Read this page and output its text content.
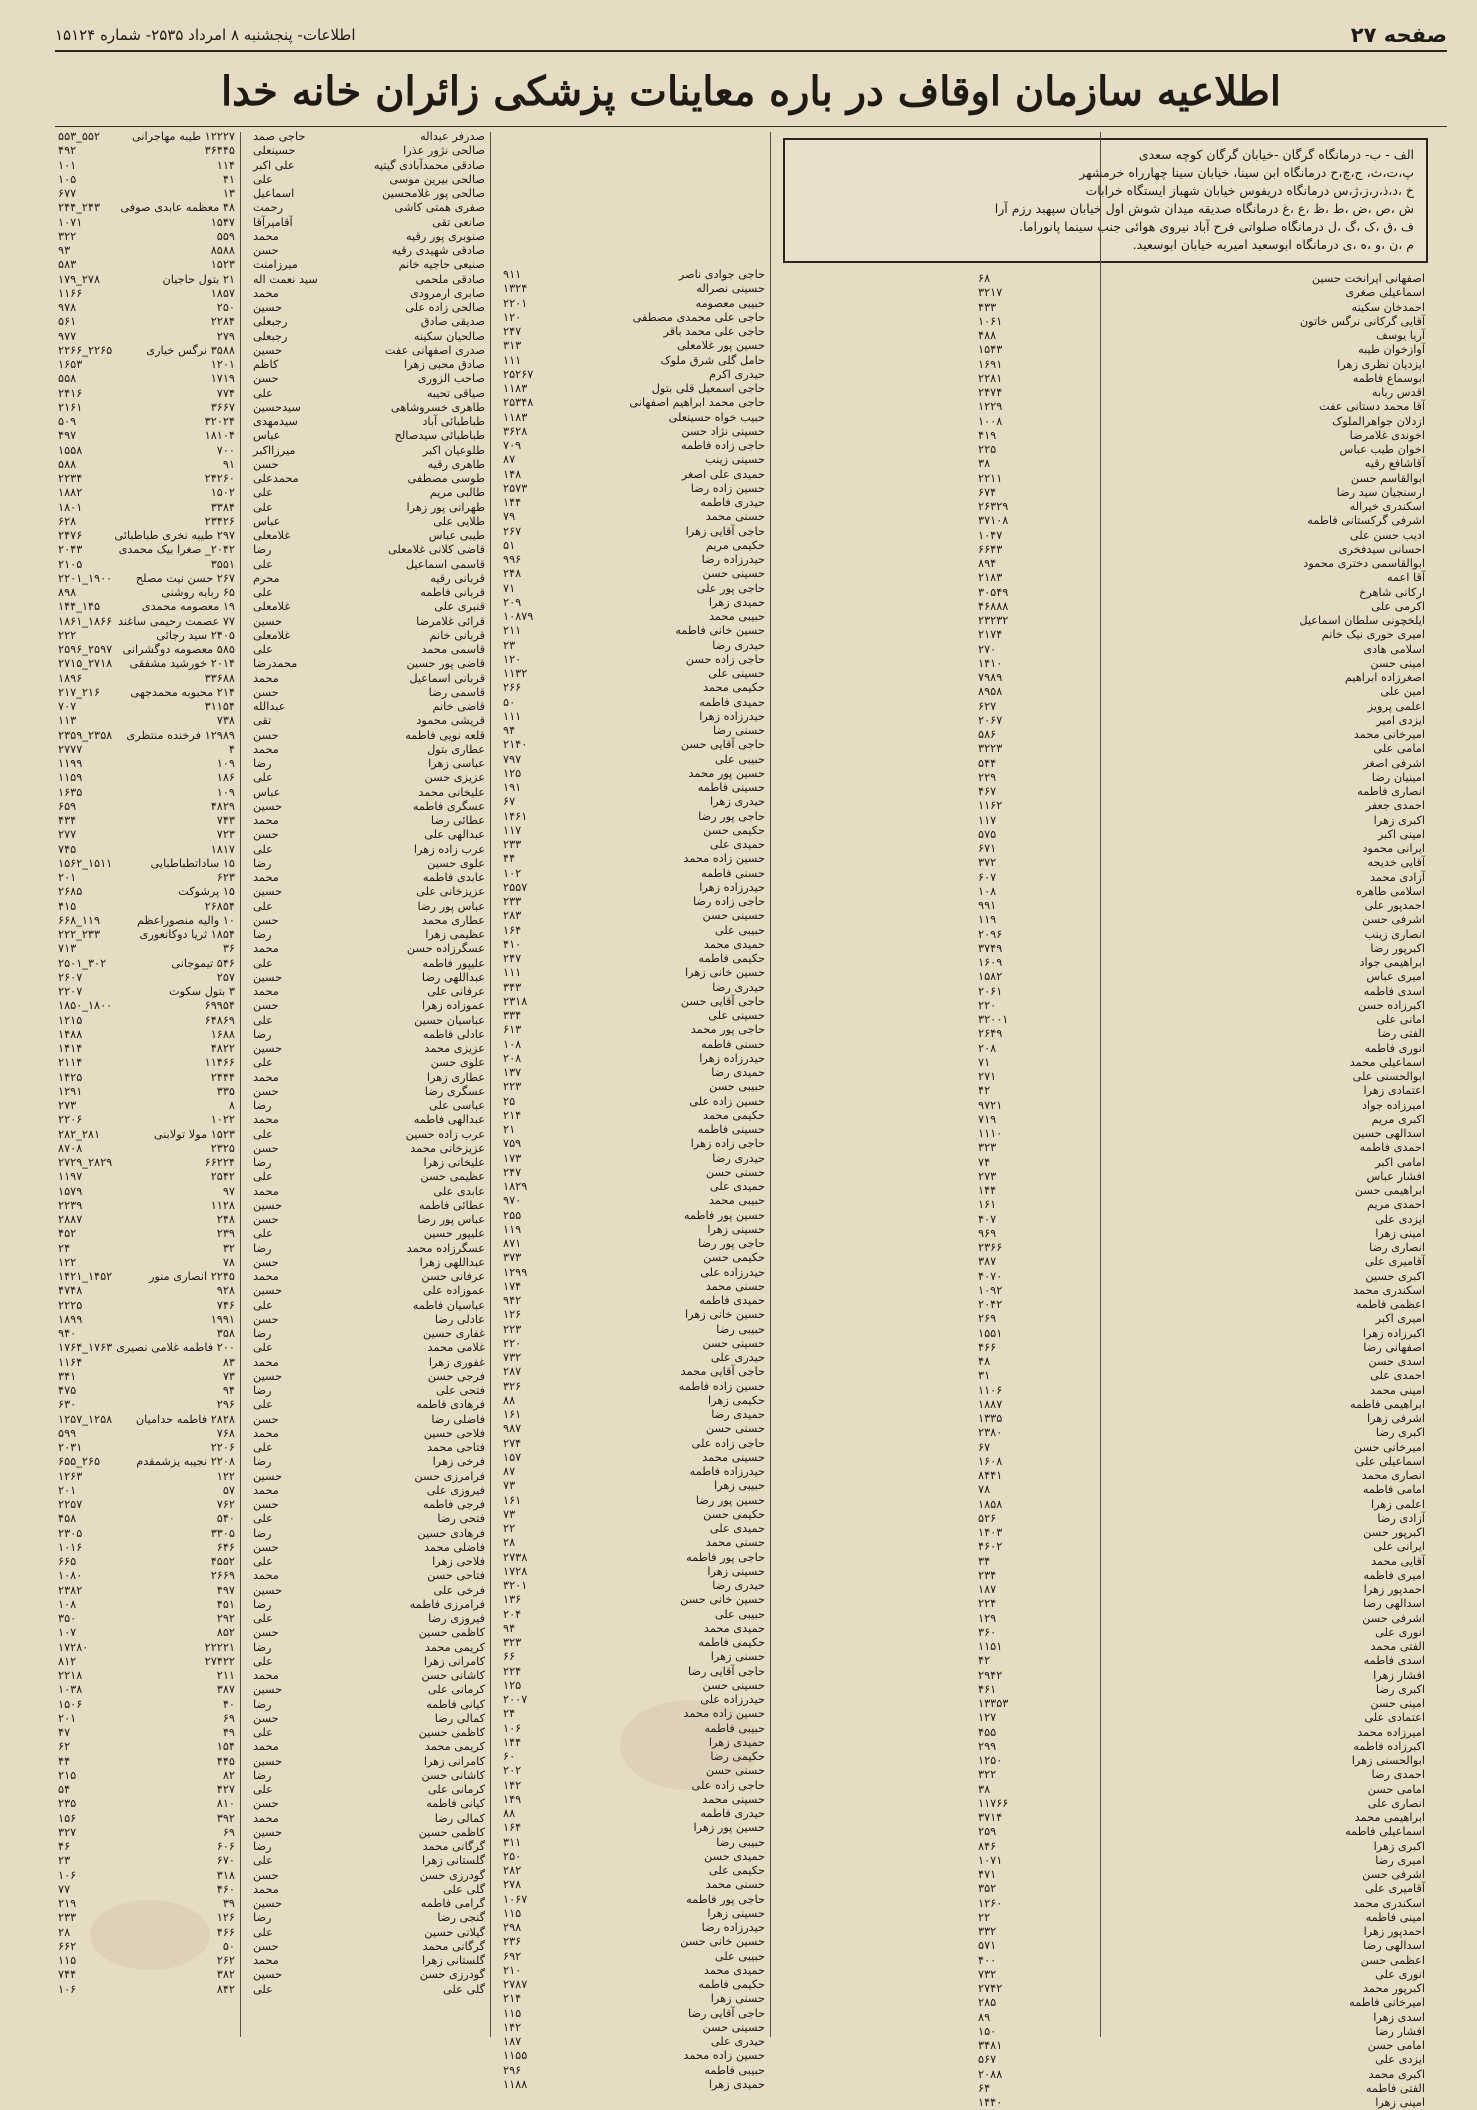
صفحه ۲۷
اطلاعات- پنجشنبه ۸ امرداد ۲۵۳۵- شماره ۱۵۱۲۴
اطلاعیه سازمان اوقاف در باره معاینات پزشکی زائران خانه خدا
الف - ب- درمانگاه گرگان -خیابان گرگان کوچه سعدی
پ،ت،ث، ج،چ،ح درمانگاه ابن سینا، خیابان سینا چهارراه خرمشهر
خ ،د،ذ،ر،ز،ژ،س درمانگاه دریفوس خیابان شهباز ایستگاه خرابات
ش ،ص ،ض ،ط ،ظ ،ع ،غ درمانگاه صدیقه میدان شوش اول خیابان سپهبد رزم آرا
ف ،ق ،ک ،گ ،ل درمانگاه صلواتی فرح آباد نیروی هوائی جنب سینما پانوراما.
م ،ن ،و ،ه ،ی درمانگاه ابوسعید امیریه خیابان ابوسعید.
اصفهانی ایرانخت حسین
۶۸
اسماعیلی صغری
۳۲۱۷
احمدخان سکینه
۴۳۳
آقایی گرکانی نرگس خاتون
۱۰۶۱
آریا یوسف
۴۸۸
آوازخوان طیبه
۱۵۴۳
ایزدیان نظری زهرا
۱۶۹۱
ابوسماع فاطمه
۲۲۸۱
اقدس ربابه
۲۴۷۴
آقا محمد دستانی عفت
۱۲۲۹
ازدلان جواهرالملوک
۱۰۰۸
اخوندی غلامرضا
۴۱۹
اخوان طیب عباس
۲۲۵
آقاشافع رقیه
۳۸
ابوالقاسم حسن
۲۲۱۱
ارسنجیان سید رضا
۶۷۴
اسکندری خیراله
۲۶۳۲۹
اشرفی گرکستانی فاطمه
۳۷۱۰۸
ادیب حسن علی
۱۰۴۷
احسانی سیدفخری
۶۶۴۳
ابوالقاسمی دختری محمود
۸۹۴
آقا اعمه
۲۱۸۳
ارکانی شاهرخ
۳۰۵۴۹
اکرمی علی
۴۶۸۸۸
ایلخچونی سلطان اسماعیل
۲۳۲۳۲
امیری حوری نیک خانم
۲۱۷۴
اسلامی هادی
۲۷۰
امینی حسن
۱۴۱۰
اصغرزاده ابراهیم
۷۹۸۹
امین علی
۸۹۵۸
اعلمی پرویز
۶۲۷
ایزدی امیر
۲۰۶۷
امیرخانی محمد
۵۸۶
امامی علی
۳۲۲۳
اشرفی اصغر
۵۴۴
امینیان رضا
۲۲۹
انصاری فاطمه
۴۶۷
احمدی جعفر
۱۱۶۲
اکبری زهرا
۱۱۷
امینی اکبر
۵۷۵
ایرانی محمود
۶۷۱
آقایی خدیجه
۳۷۲
آزادی محمد
۶۰۷
اسلامی طاهره
۱۰۸
احمدپور علی
۹۹۱
اشرفی حسن
۱۱۹
انصاری زینب
۲۰۹۶
اکبرپور رضا
۳۷۴۹
ابراهیمی جواد
۱۶۰۹
امیری عباس
۱۵۸۲
اسدی فاطمه
۲۰۶۱
اکبرزاده حسن
۲۲۰
امانی علی
۳۲۰۰۱
الفتی رضا
۲۶۴۹
انوری فاطمه
۲۰۸
اسماعیلی محمد
۷۱
ابوالحسنی علی
۲۷۱
اعتمادی زهرا
۴۲
امیرزاده جواد
۹۷۲۱
اکبری مریم
۷۱۹
اسدالهی حسین
۱۱۱۰
احمدی فاطمه
۳۲۳
امامی اکبر
۷۴
افشار عباس
۲۷۳
ابراهیمی حسن
۱۴۴
احمدی مریم
۱۶۱
ایزدی علی
۴۰۷
امینی زهرا
۹۶۹
انصاری رضا
۲۳۶۶
آقامیری علی
۳۸۷
اکبری حسین
۴۰۷۰
اسکندری محمد
۱۰۹۲
اعظمی فاطمه
۲۰۴۲
امیری اکبر
۲۶۹
اکبرزاده زهرا
۱۵۵۱
اصفهانی رضا
۴۶۶
اسدی حسن
۴۸
احمدی علی
۳۱
امینی محمد
۱۱۰۶
ابراهیمی فاطمه
۱۸۸۷
اشرفی زهرا
۱۳۳۵
اکبری رضا
۲۳۸۰
امیرخانی حسن
۶۷
اسماعیلی علی
۱۶۰۸
انصاری محمد
۸۴۴۱
امامی فاطمه
۷۸
اعلمی زهرا
۱۸۵۸
آزادی رضا
۵۲۶
اکبرپور حسن
۱۴۰۳
ایرانی علی
۴۶۰۲
آقایی محمد
۳۴
امیری فاطمه
۲۳۴
احمدپور زهرا
۱۸۷
اسدالهی رضا
۲۲۴
اشرفی حسن
۱۲۹
انوری علی
۳۶۰
الفتی محمد
۱۱۵۱
اسدی فاطمه
۴۲
افشار زهرا
۲۹۴۲
اکبری رضا
۴۶۱
امینی حسن
۱۳۳۵۳
اعتمادی علی
۱۲۷
امیرزاده محمد
۴۵۵
اکبرزاده فاطمه
۲۹۹
ابوالحسنی زهرا
۱۲۵۰
احمدی رضا
۳۲۲
امامی حسن
۳۸
انصاری علی
۱۱۷۶۶
ابراهیمی محمد
۳۷۱۴
اسماعیلی فاطمه
۲۵۹
اکبری زهرا
۸۴۶
امیری رضا
۱۰۷۱
اشرفی حسن
۴۷۱
آقامیری علی
۳۵۲
اسکندری محمد
۱۲۶۰
امینی فاطمه
۲۲
احمدپور زهرا
۳۳۲
اسدالهی رضا
۵۷۱
اعظمی حسن
۴۰۰
انوری علی
۷۳۲
اکبرپور محمد
۲۷۴۲
امیرخانی فاطمه
۲۸۵
اسدی زهرا
۸۹
افشار رضا
۱۵۰
امامی حسن
۳۴۸۱
ایزدی علی
۵۶۷
اکبری محمد
۲۰۸۸
الفتی فاطمه
۶۴
امینی زهرا
۱۴۴۰
حاجی جوادی ناصر
۹۱۱
حسینی نصراله
۱۳۲۴
حبیبی معصومه
۲۲۰۱
حاجی علی محمدی مصطفی
۱۲۰
حاجی علی محمد باقر
۲۴۷
حسین پور غلامعلی
۳۱۳
حامل گلی شرق ملوک
۱۱۱
حیدری اکرم
۲۵۲۶۷
حاجی اسمعیل قلی بتول
۱۱۸۳
حاجی محمد ابراهیم اصفهانی
۲۵۳۴۸
حبیب خواه حسینعلی
۱۱۸۳
حسینی نژاد حسن
۳۶۲۸
حاجی زاده فاطمه
۷۰۹
حسینی زینب
۸۷
حمیدی علی اصغر
۱۴۸
حسین زاده رضا
۲۵۷۳
حیدری فاطمه
۱۴۴
حسنی محمد
۷۹
حاجی آقایی زهرا
۲۶۷
حکیمی مریم
۵۱
حیدرزاده رضا
۹۹۶
حسینی حسن
۲۴۸
حاجی پور علی
۷۱
حمیدی زهرا
۲۰۹
حبیبی محمد
۱۰۸۷۹
حسین خانی فاطمه
۲۱۱
حیدری رضا
۲۳
حاجی زاده حسن
۱۲۰
حسینی علی
۱۱۳۲
حکیمی محمد
۲۶۶
حمیدی فاطمه
۵۰
حیدرزاده زهرا
۱۱۱
حسنی رضا
۹۴
حاجی آقایی حسن
۲۱۴۰
حبیبی علی
۷۹۷
حسین پور محمد
۱۲۵
حسینی فاطمه
۱۹۱
حیدری زهرا
۶۷
حاجی پور رضا
۱۴۶۱
حکیمی حسن
۱۱۷
حمیدی علی
۲۳۳
حسین زاده محمد
۴۴
حسنی فاطمه
۱۰۲
حیدرزاده زهرا
۲۵۵۷
حاجی زاده رضا
۲۳۳
حسینی حسن
۲۸۳
حبیبی علی
۱۶۴
حمیدی محمد
۴۱۰
حکیمی فاطمه
۲۴۷
حسین خانی زهرا
۱۱۱
حیدری رضا
۳۴۳
حاجی آقایی حسن
۲۳۱۸
حسینی علی
۳۳۴
حاجی پور محمد
۶۱۳
حسنی فاطمه
۱۰۸
حیدرزاده زهرا
۲۰۸
حمیدی رضا
۱۳۷
حبیبی حسن
۲۲۳
حسین زاده علی
۲۵
حکیمی محمد
۲۱۴
حسینی فاطمه
۲۱
حاجی زاده زهرا
۷۵۹
حیدری رضا
۱۷۳
حسنی حسن
۲۴۷
حمیدی علی
۱۸۲۹
حبیبی محمد
۹۷۰
حسین پور فاطمه
۲۵۵
حسینی زهرا
۱۱۹
حاجی پور رضا
۸۷۱
حکیمی حسن
۳۷۳
حیدرزاده علی
۱۲۹۹
حسنی محمد
۱۷۴
حمیدی فاطمه
۹۴۲
حسین خانی زهرا
۱۲۶
حبیبی رضا
۲۲۳
حسینی حسن
۲۲۰
حیدری علی
۷۳۲
حاجی آقایی محمد
۲۸۷
حسین زاده فاطمه
۳۲۶
حکیمی زهرا
۸۸
حمیدی رضا
۱۶۱
حسنی حسن
۹۸۷
حاجی زاده علی
۲۷۴
حسینی محمد
۱۵۷
حیدرزاده فاطمه
۸۷
حبیبی زهرا
۷۳
حسین پور رضا
۱۶۱
حکیمی حسن
۷۳
حمیدی علی
۲۲
حسنی محمد
۲۸
حاجی پور فاطمه
۲۷۳۸
حسینی زهرا
۱۷۲۸
حیدری رضا
۳۲۰۱
حسین خانی حسن
۱۳۶
حبیبی علی
۲۰۴
حمیدی محمد
۹۴
حکیمی فاطمه
۳۲۳
حسنی زهرا
۶۶
حاجی آقایی رضا
۲۲۴
حسینی حسن
۱۲۵
حیدرزاده علی
۲۰۰۷
حسین زاده محمد
۲۴
حبیبی فاطمه
۱۰۶
حمیدی زهرا
۱۴۴
حکیمی رضا
۶۰
حسنی حسن
۲۰۲
حاجی زاده علی
۱۴۲
حسینی محمد
۱۴۹
حیدری فاطمه
۸۸
حسین پور زهرا
۱۶۴
حبیبی رضا
۳۱۱
حمیدی حسن
۲۵۰
حکیمی علی
۲۸۲
حسنی محمد
۲۷۸
حاجی پور فاطمه
۱۰۶۷
حسینی زهرا
۱۱۵
حیدرزاده رضا
۲۹۸
حسین خانی حسن
۲۳۶
حبیبی علی
۶۹۲
حمیدی محمد
۲۱۰
حکیمی فاطمه
۲۷۸۷
حسنی زهرا
۲۱۴
حاجی آقایی رضا
۱۱۵
حسینی حسن
۱۴۲
حیدری علی
۱۸۷
حسین زاده محمد
۱۱۵۵
حبیبی فاطمه
۲۹۶
حمیدی زهرا
۱۱۸۸
صدرفر عبداله
حاجی صمد
صالحی نژور عذرا
حسینعلی
صادقی محمدآبادی گیتیه
علی اکبر
صالحی بیرین موسی
علی
صالحی پور غلامحسین
اسماعیل
صفری همتی کاشی
رحمت
صانعی تقی
آقامیرآقا
صنوبری پور رقیه
محمد
صادقی شهیدی رقیه
حسن
صنیعی حاجیه خانم
میرزامنت
صادقی ملحمی
سید نعمت اله
صابری ارمرودی
محمد
صالحی زاده علی
حسین
صدیقی صادق
رجبعلی
صالحیان سکینه
رجبعلی
صدری اصفهانی عفت
حسین
صادق محبی زهرا
کاظم
صاحب الزوری
حسن
صیاقی تحیبه
علی
طاهری خسروشاهی
سیدحسین
طباطبائی آباد
سیدمهدی
طباطبائی سیدصالح
عباس
طلوعیان اکبر
میرزااکبر
طاهری رقیه
حسن
طوسی مصطفی
محمدعلی
طالبی مریم
علی
طهرانی پور زهرا
علی
طلایی علی
عباس
طیبی عباس
غلامعلی
قاضی کلانی غلامعلی
رضا
قاسمی اسماعیل
علی
قربانی رقیه
محرم
قربانی فاطمه
علی
قنبری علی
غلامعلی
قرائی غلامرضا
حسین
قربانی خانم
غلامعلی
قاسمی محمد
علی
قاضی پور حسین
محمدرضا
قربانی اسماعیل
محمد
قاسمی رضا
حسن
قاضی خانم
عبدالله
قریشی محمود
تقی
قلعه نویی فاطمه
حسن
عطاری بتول
محمد
عباسی زهرا
رضا
عزیزی حسن
علی
علیخانی محمد
عباس
عسگری فاطمه
حسین
عطائی رضا
محمد
عبدالهی علی
حسن
عرب زاده زهرا
علی
علوی حسین
رضا
عابدی فاطمه
محمد
عزیزخانی علی
حسین
عباس پور رضا
علی
عطاری محمد
حسن
عظیمی زهرا
رضا
عسگرزاده حسن
محمد
علیپور فاطمه
علی
عبداللهی رضا
حسین
عرفانی علی
محمد
عموزاده زهرا
حسن
عباسیان حسین
علی
عادلی فاطمه
رضا
عزیزی محمد
حسین
علوی حسن
علی
عطاری زهرا
محمد
عسگری رضا
حسن
عباسی علی
رضا
عبدالهی فاطمه
محمد
عرب زاده حسین
علی
عزیزخانی محمد
حسن
علیخانی زهرا
رضا
عظیمی حسن
علی
عابدی علی
محمد
عطائی فاطمه
حسین
عباس پور رضا
حسن
علیپور حسین
علی
عسگرزاده محمد
رضا
عبداللهی زهرا
حسن
عرفانی حسن
محمد
عموزاده علی
حسین
عباسیان فاطمه
علی
عادلی رضا
حسن
غفاری حسین
رضا
غلامی محمد
علی
غفوری زهرا
محمد
فرجی حسن
حسین
فتحی علی
رضا
فرهادی فاطمه
علی
فاضلی رضا
حسن
فلاحی حسین
محمد
فتاحی محمد
علی
فرخی زهرا
رضا
فرامرزی حسن
حسین
فیروزی علی
محمد
فرجی فاطمه
حسن
فتحی رضا
علی
فرهادی حسین
رضا
فاضلی محمد
حسن
فلاحی زهرا
علی
فتاحی حسن
محمد
فرخی علی
حسین
فرامرزی فاطمه
رضا
فیروزی رضا
علی
کاظمی حسین
حسن
کریمی محمد
رضا
کامرانی زهرا
علی
کاشانی حسن
محمد
کرمانی علی
حسین
کیانی فاطمه
رضا
کمالی رضا
حسن
کاظمی حسین
علی
کریمی محمد
محمد
کامرانی زهرا
حسین
کاشانی حسن
رضا
کرمانی علی
علی
کیانی فاطمه
حسن
کمالی رضا
محمد
کاظمی حسین
حسین
گرگانی محمد
رضا
گلستانی زهرا
علی
گودرزی حسن
حسن
گلی علی
محمد
گرامی فاطمه
حسین
گنجی رضا
رضا
گیلانی حسین
علی
گرگانی محمد
حسن
گلستانی زهرا
محمد
گودرزی حسن
حسین
گلی علی
علی
۱۲۲۲۷ طیبه مهاجرانی
۵۵۲_۵۵۳
۳۶۴۴۵
۴۹۲
۱۱۴
۱۰۱
۴۱
۱۰۵
۱۳
۶۷۷
۴۸ معظمه عابدی صوفی
۲۴۳_۲۴۴
۱۵۴۷
۱۰۷۱
۵۵۹
۳۲۲
۸۵۸۸
۹۳
۱۵۲۳
۵۸۳
۲۱ بتول حاجیان
۲۷۸_۱۷۹
۱۸۵۷
۱۱۶۶
۲۵۰
۹۷۸
۲۲۸۴
۵۶۱
۲۷۹
۹۷۷
۳۵۸۸ نرگس خیاری
۲۲۶۵_۲۲۶۶
۱۲۰۱
۱۶۵۳
۱۷۱۹
۵۵۸
۷۷۴
۲۴۱۶
۳۶۶۷
۲۱۶۱
۳۲۰۲۴
۵۰۹
۱۸۱۰۴
۴۹۷
۷۰۰
۱۵۵۸
۹۱
۵۸۸
۲۴۲۶۰
۲۲۳۴
۱۵۰۲
۱۸۸۲
۳۳۸۴
۱۸۰۱
۲۳۴۲۶
۶۲۸
۲۹۷ طیبه نخری طباطبائی
۲۴۷۶
۲۰۴۲_ صغرا بیک محمدی
۲۰۴۳
۳۵۵۱
۲۱۰۵
۲۶۷ حسن نیت مصلح
۱۹۰۰_۲۲۰۱
۶۵ ربابه روشنی
۸۹۸
۱۹ معصومه محمدی
۱۴۵_۱۴۴
۷۷ عصمت رحیمی ساغند
۱۸۶۶_۱۸۶۱
۲۴۰۵ سید رجائی
۲۲۲
۵۸۵ معصومه دوگشرانی
۲۵۹۷_۲۵۹۶
۲۰۱۴ خورشید مشفقی
۲۷۱۸_۲۷۱۵
۳۳۶۸۸
۱۸۹۶
۲۱۴ محبوبه محمدجهی
۲۱۶_۲۱۷
۳۱۱۵۴
۷۰۷
۷۳۸
۱۱۳
۱۲۹۸۹ فرخنده منتظری
۲۳۵۸_۲۳۵۹
۴
۲۷۷۷
۱۰۹
۱۱۹۹
۱۸۶
۱۱۵۹
۱۰۹
۱۶۳۵
۴۸۲۹
۶۵۹
۷۴۳
۴۳۴
۷۲۳
۲۷۷
۱۸۱۷
۷۴۵
۱۵ ساداتطباطبایی
۱۵۱۱_۱۵۶۲
۶۲۳
۲۰۱
۱۵ پرشوکت
۲۶۸۵
۲۶۸۵۴
۴۱۵
۱۰ والیه منصوراعظم
۱۱۹_۶۶۸
۱۸۵۴ ثریا دوکانعوری
۲۳۳_۲۲۲
۳۶
۷۱۳
۵۴۶ تیموجانی
۳۰۲_۲۵۰۱
۲۵۷
۲۶۰۷
۳ بتول سکوت
۲۲۰۷
۶۹۹۵۴
۱۸۰۰_۱۸۵۰
۶۴۸۶۹
۱۲۱۵
۱۶۸۸
۱۴۸۸
۴۸۲۲
۱۴۱۴
۱۱۴۶۶
۲۱۱۴
۲۴۴۴
۱۴۲۵
۳۳۵
۱۲۹۱
۸
۲۷۳
۱۰۲۲
۲۲۰۶
۱۵۲۳ مولا تولابنی
۲۸۱_۲۸۲
۲۳۲۵
۸۷۰۸
۶۶۲۲۴
۲۸۲۹_۲۷۲۹
۲۵۴۲
۱۱۹۷
۹۷
۱۵۷۹
۱۱۲۸
۲۲۳۹
۲۴۸
۲۸۸۷
۲۳۹
۴۵۲
۳۲
۲۴
۷۸
۱۲۲
۲۲۴۵ انصاری منور
۱۴۵۲_۱۴۲۱
۹۲۸
۴۷۴۸
۷۴۶
۲۲۲۵
۱۹۹۱
۱۸۹۹
۳۵۸
۹۴۰
۲۰۰ فاطمه غلامی نصیری
۱۷۶۳_۱۷۶۴
۸۳
۱۱۶۴
۷۳
۳۴۱
۹۴
۴۷۵
۲۹۶
۶۳۰
۲۸۲۸ فاطمه حدامیان
۱۲۵۸_۱۲۵۷
۷۶۸
۵۹۹
۲۲۰۶
۲۰۳۱
۲۲۰۸ نجیبه یزشمقدم
۲۶۵_۶۵۵
۱۲۲
۱۲۶۳
۵۷
۲۰۱
۷۶۲
۲۲۵۷
۵۴۰
۴۵۸
۳۳۰۵
۲۳۰۵
۶۴۶
۱۰۱۶
۴۵۵۲
۶۶۵
۲۶۶۹
۱۰۸۰
۴۹۷
۲۳۸۲
۴۵۱
۱۰۸
۲۹۲
۳۵۰
۸۵۲
۱۰۷
۲۲۲۲۱
۱۷۲۸۰
۲۷۴۲۲
۸۱۲
۲۱۱
۲۲۱۸
۳۸۷
۱۰۳۸
۴۰
۱۵۰۶
۶۹
۲۰۱
۴۹
۴۷
۱۵۴
۶۲
۴۴۵
۴۴
۸۲
۲۱۵
۴۲۷
۵۴
۸۱۰
۲۳۵
۳۹۲
۱۵۶
۶۹
۳۲۷
۶۰۶
۴۶
۶۷۰
۲۳
۳۱۸
۱۰۶
۴۶۰
۷۷
۳۹
۲۱۹
۱۲۶
۲۳۳
۴۶۶
۲۸
۵۰
۶۶۲
۲۶۲
۱۱۵
۳۸۲
۷۴۴
۸۴۲
۱۰۶
